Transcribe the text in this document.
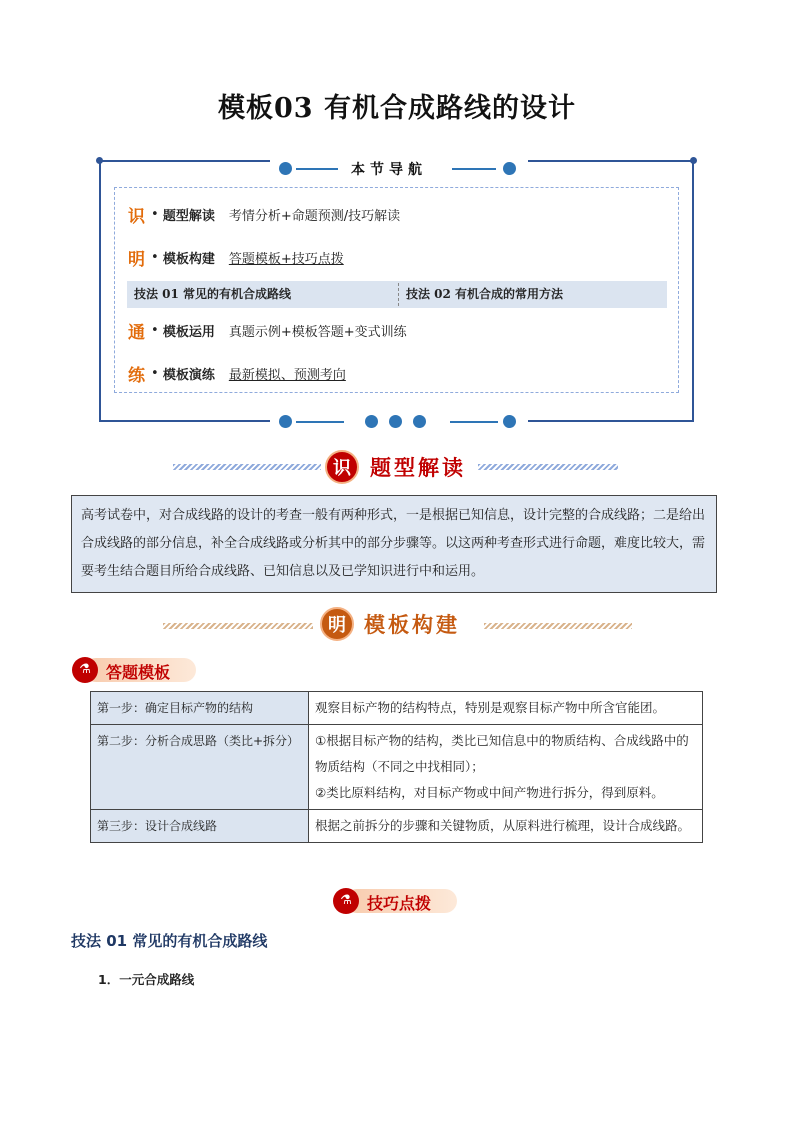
模板03 有机合成路线的设计
本节导航
识 • 题型解读 考情分析+命题预测/技巧解读
明 • 模板构建 答题模板+技巧点拨
技法 01 常见的有机合成路线	技法 02 有机合成的常用方法
通 • 模板运用 真题示例+模板答题+变式训练
练 • 模板演练 最新模拟、预测考向
识 题型解读
高考试卷中，对合成线路的设计的考查一般有两种形式，一是根据已知信息，设计完整的合成线路；二是给出合成线路的部分信息，补全合成线路或分析其中的部分步骤等。以这两种考查形式进行命题，难度比较大，需要考生结合题目所给合成线路、已知信息以及已学知识进行中和运用。
明 模板构建
⚗ 答题模板
第一步：确定目标产物的结构	观察目标产物的结构特点，特别是观察目标产物中所含官能团。
第二步：分析合成思路（类比+拆分）	①根据目标产物的结构，类比已知信息中的物质结构、合成线路中的物质结构（不同之中找相同）；
②类比原料结构，对目标产物或中间产物进行拆分，得到原料。

第三步：设计合成线路	根据之前拆分的步骤和关键物质，从原料进行梳理，设计合成线路。
⚗ 技巧点拨
技法 01 常见的有机合成路线
1．一元合成路线
